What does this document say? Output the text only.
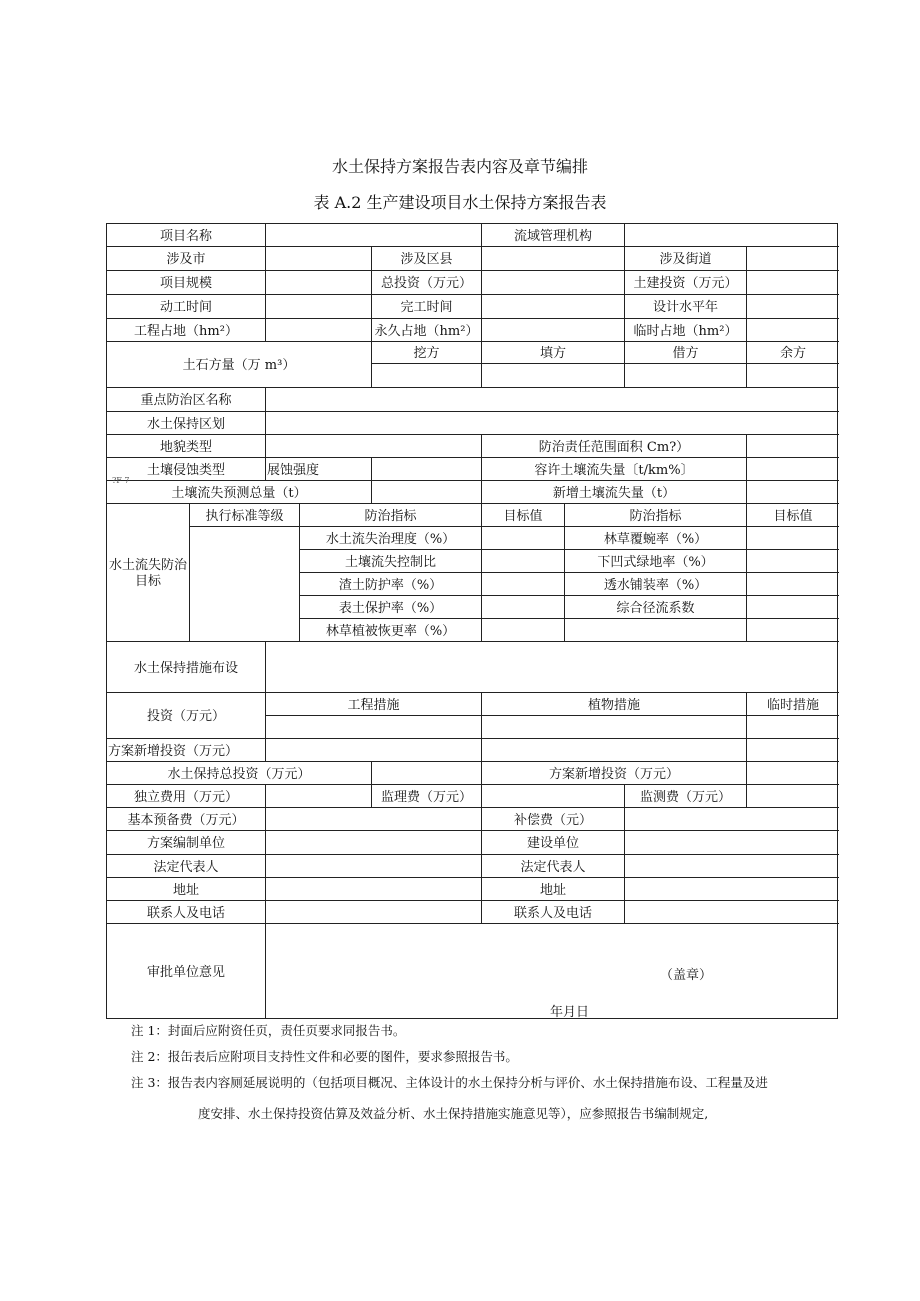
水土保持方案报告表内容及章节编排
表 A.2 生产建设项目水土保持方案报告表
项目名称	流域管理机构
涉及市	涉及区县	涉及街道
项目规模	总投资（万元）	土建投资（万元）
动工时间	完工时间	设计水平年
工程占地（hm²）	永久占地（hm²）	临时占地（hm²）
土石方量（万 m³）
挖方	填方	借方	余方
重点防治区名称
水土保持区划
地貌类型	防治责任范围面积 Cm?）
土壤侵蚀类型	展蚀强度	容许土壤流失量〔t/km%〕
土壤流失预测总量（t）	新增土壤流失量（t）
水土流失防治目标
执行标准等级	防治指标	目标值	防治指标	目标值
水土流失治理度（%）	林草覆蜿率（%）
土壤流失控制比	下凹式绿地率（%）
渣土防护率（%）	透水铺装率（%）
表土保护率（%）	综合径流系数
林草植被恢更率（%）
水土保持措施布设
投资（万元）
工程措施	植物措施	临时措施
方案新增投资（万元）
水土保持总投资（万元）	方案新增投资（万元）
独立费用（万元）	监理费（万元）	监测费（万元）
基本预备费（万元）	补偿费（元）
方案编制单位	建设单位
法定代表人	法定代表人
地址	地址
联系人及电话	联系人及电话
审批单位意见	（盖章）
年月日
?F 7
注 1：封面后应附资任页，责任页要求同报告书。
注 2：报缶表后应附项目支持性文件和必要的图件，要求参照报告书。
注 3：报告表内容厕延展说明的（包括项目概况、主体设计的水土保持分析与评价、水土保持措施布设、工程量及进
度安排、水土保持投资估算及效益分析、水土保持措施实施意见等），应参照报告书编制规定,
